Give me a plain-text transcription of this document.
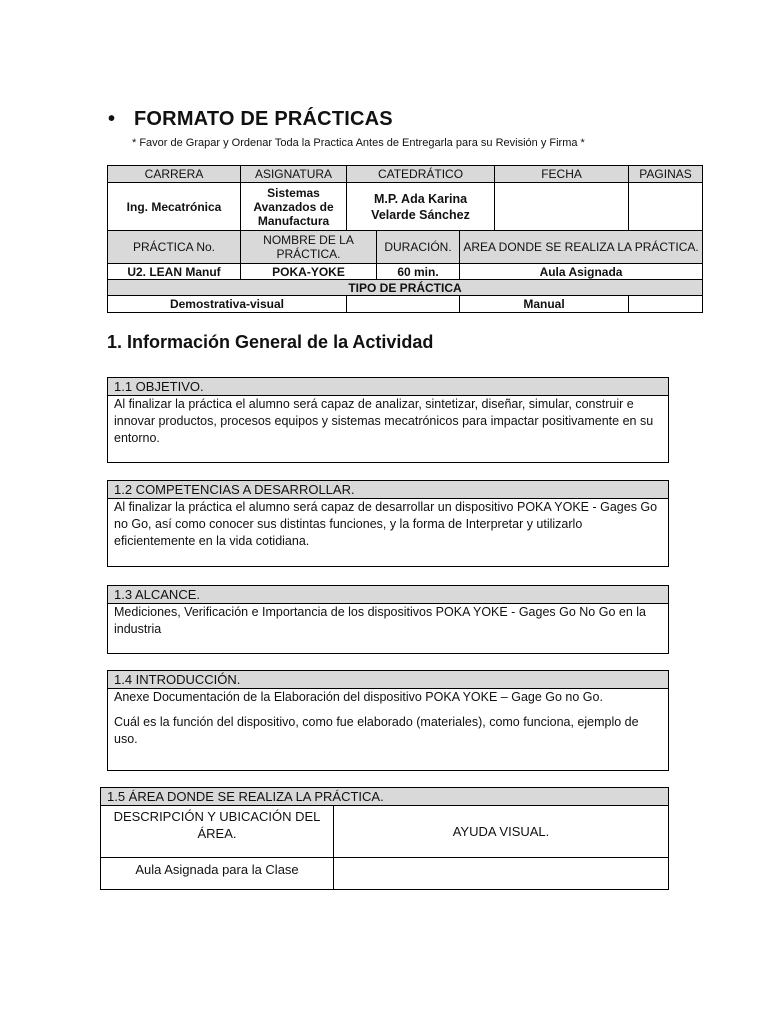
• FORMATO DE PRÁCTICAS
* Favor de Grapar y Ordenar Toda la Practica Antes de Entregarla para su Revisión y Firma *
CARRERA	ASIGNATURA	CATEDRÁTICO			FECHA	PAGINAS
Ing. Mecatrónica	Sistemas Avanzados de Manufactura	M.P. Ada Karina Velarde Sánchez				
PRÁCTICA No.	NOMBRE DE LA PRÁCTICA.		DURACIÓN.	AREA DONDE SE REALIZA LA PRÁCTICA.		
U2. LEAN Manuf	POKA-YOKE		60 min.	Aula Asignada		
TIPO DE PRÁCTICA						
Demostrativa-visual				Manual		
1. Información General de la Actividad
1.1 OBJETIVO.
Al finalizar la práctica el alumno será capaz de analizar, sintetizar, diseñar, simular, construir e innovar productos, procesos equipos y sistemas mecatrónicos para impactar positivamente en su entorno.
1.2 COMPETENCIAS A DESARROLLAR.
Al finalizar la práctica el alumno será capaz de desarrollar un dispositivo POKA YOKE - Gages Go no Go, así como conocer sus distintas funciones, y la forma de Interpretar y utilizarlo eficientemente en la vida cotidiana.
1.3 ALCANCE.
Mediciones, Verificación e Importancia de los dispositivos POKA YOKE - Gages Go No Go en la industria
1.4 INTRODUCCIÓN.

Anexe Documentación de la Elaboración del dispositivo POKA YOKE – Gage Go no Go.

Cuál es la función del dispositivo, como fue elaborado (materiales), como funciona, ejemplo de uso.

1.5 ÁREA DONDE SE REALIZA LA PRÁCTICA.	
DESCRIPCIÓN Y UBICACIÓN DEL ÁREA.	AYUDA VISUAL.
Aula Asignada para la Clase	
